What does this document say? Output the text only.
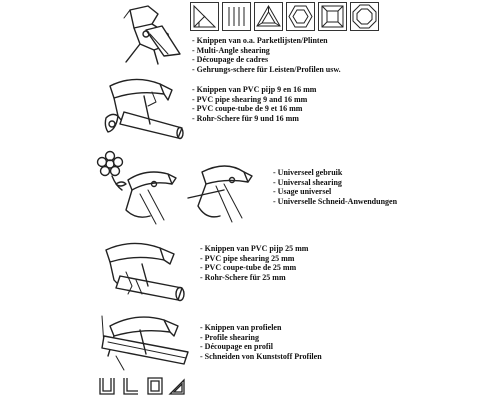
- Knippen van o.a. Parketlijsten/Plinten
- Multi-Angle shearing
- Découpage de cadres
- Gehrungs-schere für Leisten/Profilen usw.
- Knippen van PVC pijp 9 en 16 mm
- PVC pipe shearing 9 and 16 mm
- PVC coupe-tube de 9 et 16 mm
- Rohr-Schere für 9 und 16 mm
- Universeel gebruik
- Universal shearing
- Usage universel
- Universelle Schneid-Anwendungen
- Knippen van PVC pijp 25 mm
- PVC pipe shearing 25 mm
- PVC coupe-tube de 25 mm
- Rohr-Schere für 25 mm
- Knippen van profielen
- Profile shearing
- Découpage en profil
- Schneiden von Kunststoff Profilen
